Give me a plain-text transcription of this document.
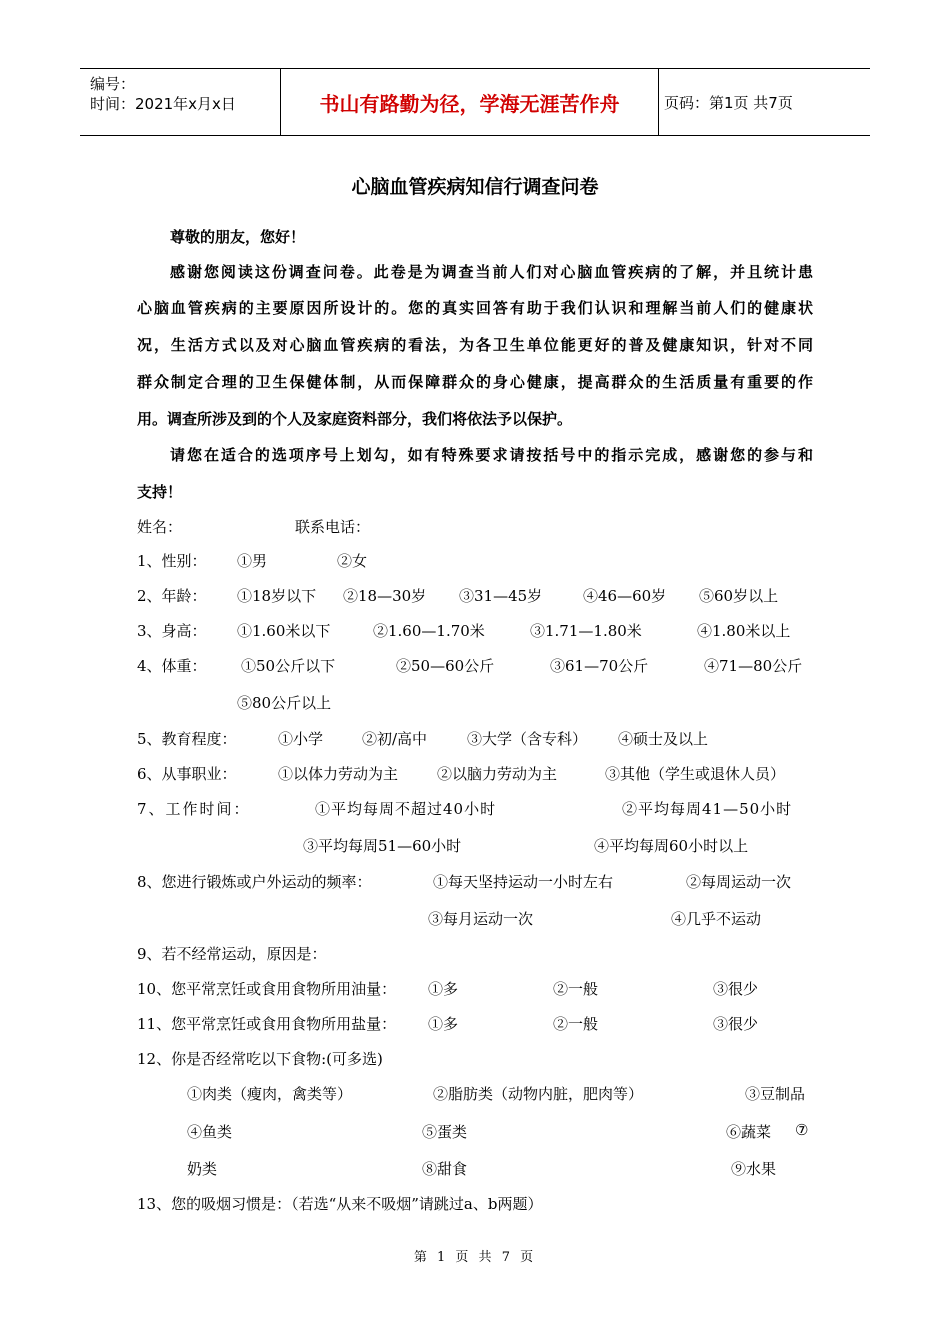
编号：
时间：2021年x月x日	书山有路勤为径，学海无涯苦作舟	页码：第1页 共7页
心脑血管疾病知信行调查问卷
尊敬的朋友，您好！
感谢您阅读这份调查问卷。此卷是为调查当前人们对心脑血管疾病的了解，并且统计患
心脑血管疾病的主要原因所设计的。您的真实回答有助于我们认识和理解当前人们的健康状
况，生活方式以及对心脑血管疾病的看法，为各卫生单位能更好的普及健康知识，针对不同
群众制定合理的卫生保健体制，从而保障群众的身心健康，提高群众的生活质量有重要的作
用。调查所涉及到的个人及家庭资料部分，我们将依法予以保护。
请您在适合的选项序号上划勾，如有特殊要求请按括号中的指示完成，感谢您的参与和
支持！
姓名：	联系电话：
1、性别： ①男	②女
2、年龄： ①18岁以下 ②18—30岁 ③31—45岁	④46—60岁 ⑤60岁以上
3、身高： ①1.60米以下	②1.60—1.70米	③1.71—1.80米	④1.80米以上
4、体重： ①50公斤以下	②50—60公斤	③61—70公斤	④71—80公斤
⑤80公斤以上
5、教育程度：	①小学	②初/高中	③大学（含专科） ④硕士及以上
6、从事职业：	①以体力劳动为主	②以脑力劳动为主	③其他（学生或退休人员）
7、工作时间：	①平均每周不超过40小时	②平均每周41—50小时
③平均每周51—60小时	④平均每周60小时以上
8、您进行锻炼或户外运动的频率：	①每天坚持运动一小时左右	②每周运动一次
③每月运动一次	④几乎不运动
9、若不经常运动，原因是：
10、您平常烹饪或食用食物所用油量： ①多	②一般	③很少
11、您平常烹饪或食用食物所用盐量： ①多	②一般	③很少
12、你是否经常吃以下食物:(可多选)
①肉类（瘦肉，禽类等）	②脂肪类（动物内脏，肥肉等）	③豆制品
④鱼类	⑤蛋类	⑥蔬菜 ⑦
奶类	⑧甜食	⑨水果
13、您的吸烟习惯是：（若选“从来不吸烟”请跳过a、b两题）
第 1 页 共 7 页
